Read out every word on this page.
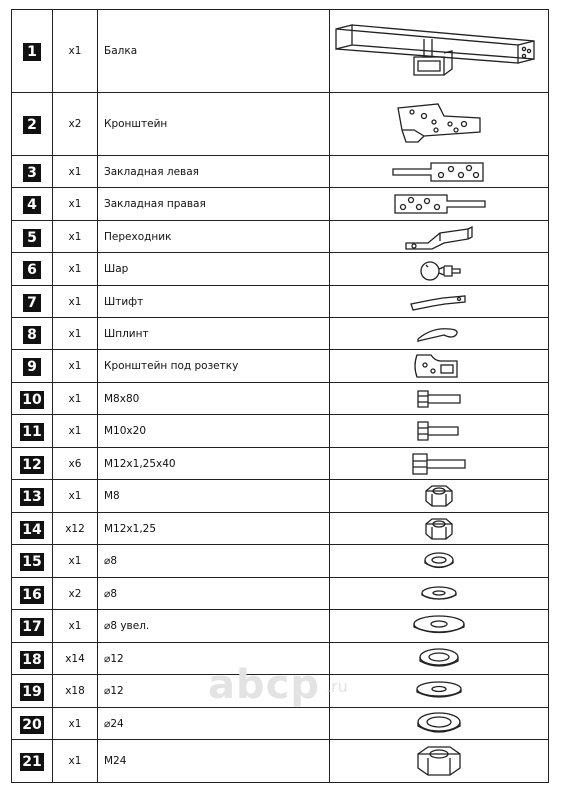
1	x1	Балка	

2	x2	Кронштейн	

3	x1	Закладная левая	

4	x1	Закладная правая	

5	x1	Переходник	

6	x1	Шар	

7	x1	Штифт	

8	x1	Шплинт	

9	x1	Кронштейн под розетку	

10	x1	М8х80	

11	x1	М10х20	

12	x6	М12х1,25х40	

13	x1	М8	

14	x12	М12х1,25	

15	x1	⌀8	

16	x2	⌀8	

17	x1	⌀8 увел.	

18	x14	⌀12	

19	x18	⌀12	

20	x1	⌀24	

21	x1	М24	
abcp .ru
